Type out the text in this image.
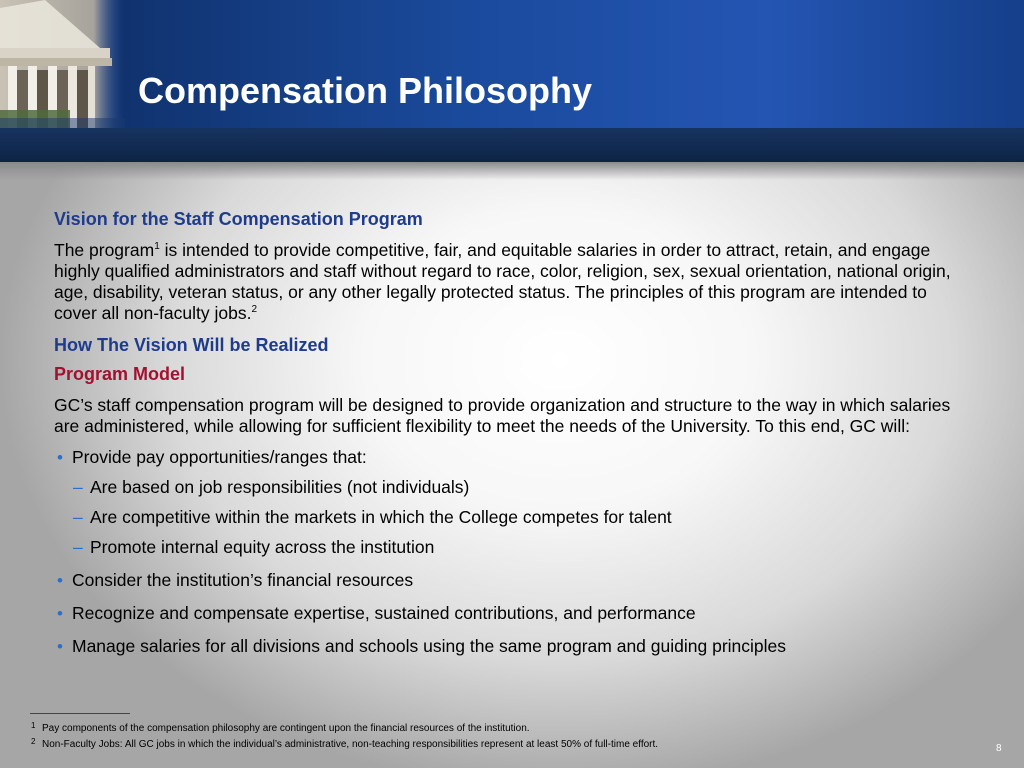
Compensation Philosophy

Vision for the Staff Compensation Program

The program$^1$ is intended to provide competitive, fair, and equitable salaries in order to attract, retain, and engage highly qualified administrators and staff without regard to race, color, religion, sex, sexual orientation, national origin, age, disability, veteran status, or any other legally protected status. The principles of this program are intended to cover all non-faculty jobs.$^2$

How The Vision Will be Realized

Program Model

GC’s staff compensation program will be designed to provide organization and structure to the way in which salaries are administered, while allowing for sufficient flexibility to meet the needs of the University. To this end, GC will:

• Provide pay opportunities/ranges that:

– Are based on job responsibilities (not individuals)

– Are competitive within the markets in which the College competes for talent

– Promote internal equity across the institution

• Consider the institution’s financial resources

• Recognize and compensate expertise, sustained contributions, and performance

• Manage salaries for all divisions and schools using the same program and guiding principles

1 Pay components of the compensation philosophy are contingent upon the financial resources of the institution.
2 Non-Faculty Jobs: All GC jobs in which the individual’s administrative, non-teaching responsibilities represent at least 50% of full-time effort.	8
